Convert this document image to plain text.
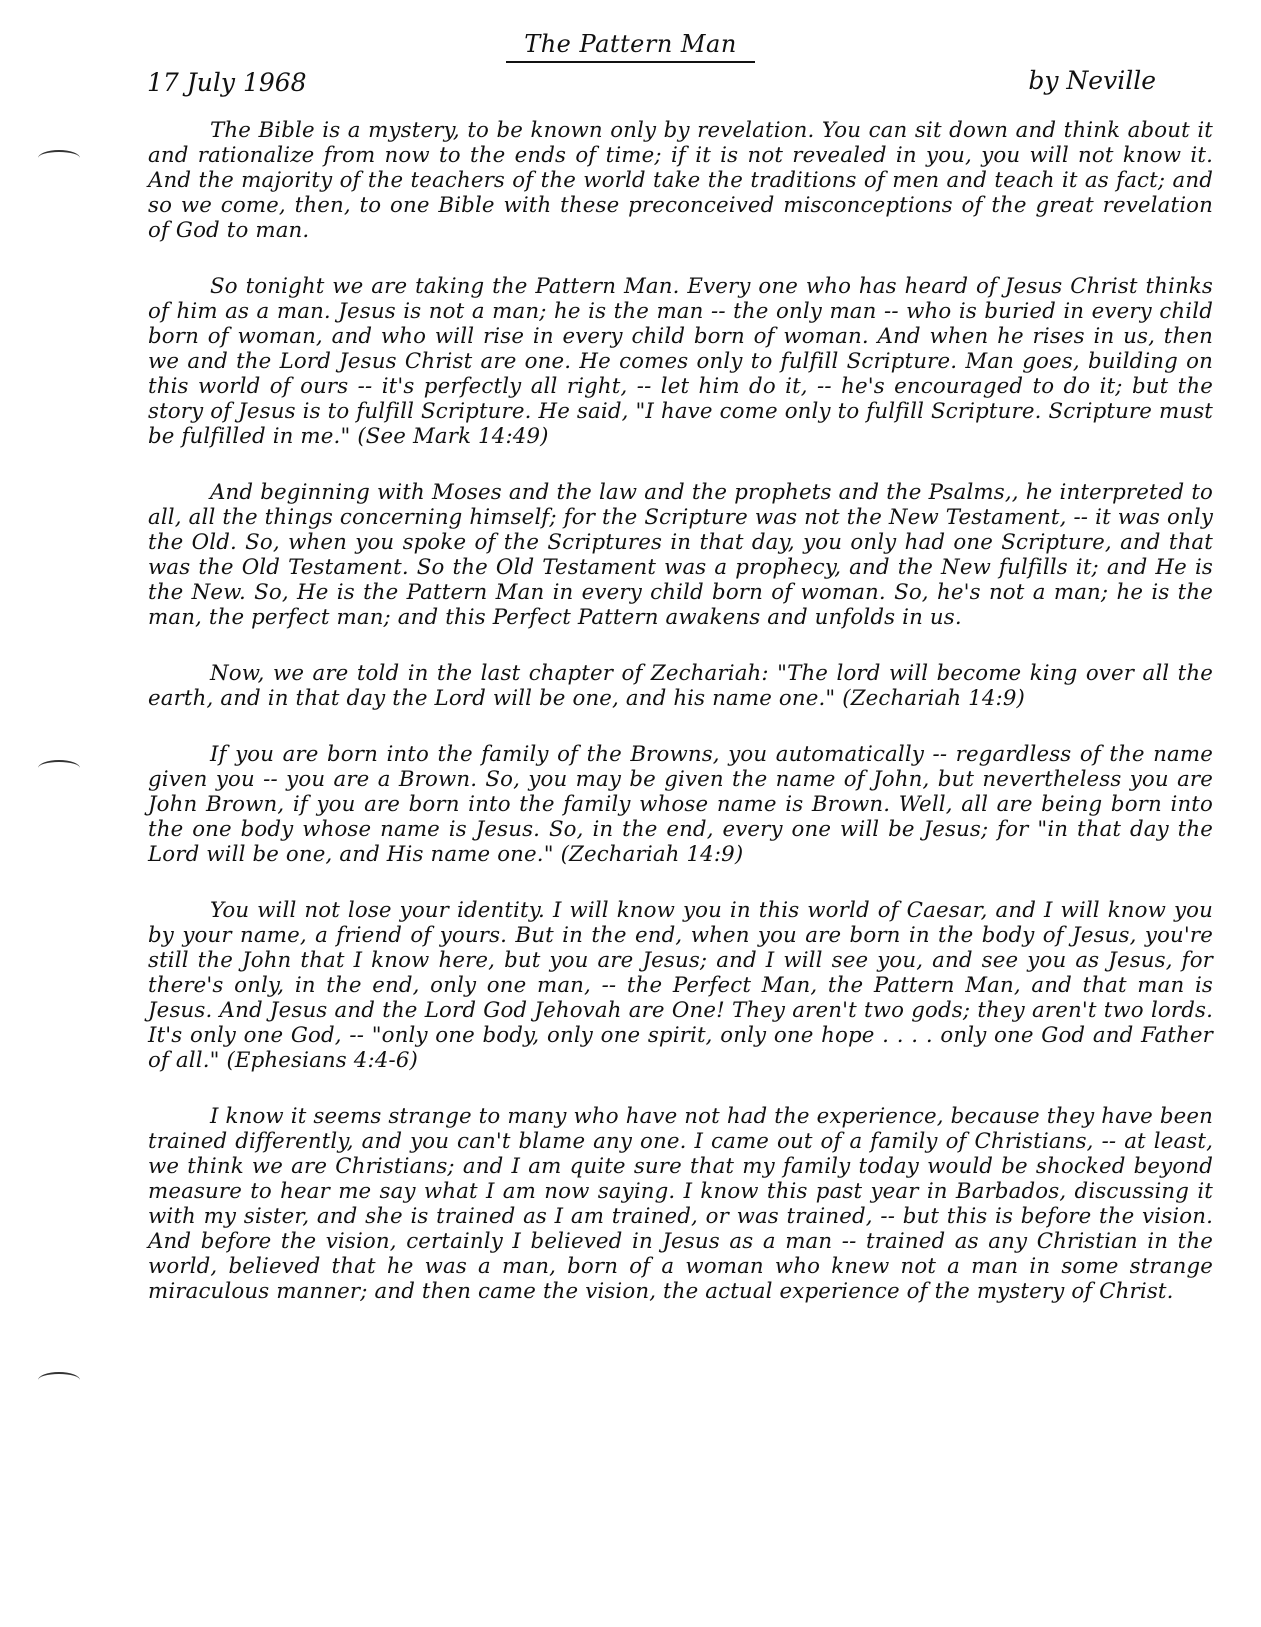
The Pattern Man
17 July 1968	by Neville

The Bible is a mystery, to be known only by revelation. You can sit down and think about it and rationalize from now to the ends of time; if it is not revealed in you, you will not know it. And the majority of the teachers of the world take the traditions of men and teach it as fact; and so we come, then, to one Bible with these preconceived misconceptions of the great revelation of God to man.

So tonight we are taking the Pattern Man. Every one who has heard of Jesus Christ thinks of him as a man. Jesus is not a man; he is the man -- the only man -- who is buried in every child born of woman, and who will rise in every child born of woman. And when he rises in us, then we and the Lord Jesus Christ are one. He comes only to fulfill Scripture. Man goes, building on this world of ours -- it's perfectly all right, -- let him do it, -- he's encouraged to do it; but the story of Jesus is to fulfill Scripture. He said, "I have come only to fulfill Scripture. Scripture must be fulfilled in me." (See Mark 14:49)

And beginning with Moses and the law and the prophets and the Psalms,, he interpreted to all, all the things concerning himself; for the Scripture was not the New Testament, -- it was only the Old. So, when you spoke of the Scriptures in that day, you only had one Scripture, and that was the Old Testament. So the Old Testament was a prophecy, and the New fulfills it; and He is the New. So, He is the Pattern Man in every child born of woman. So, he's not a man; he is the man, the perfect man; and this Perfect Pattern awakens and unfolds in us.

Now, we are told in the last chapter of Zechariah: "The lord will become king over all the earth, and in that day the Lord will be one, and his name one." (Zechariah 14:9)

If you are born into the family of the Browns, you automatically -- regardless of the name given you -- you are a Brown. So, you may be given the name of John, but nevertheless you are John Brown, if you are born into the family whose name is Brown. Well, all are being born into the one body whose name is Jesus. So, in the end, every one will be Jesus; for "in that day the Lord will be one, and His name one." (Zechariah 14:9)

You will not lose your identity. I will know you in this world of Caesar, and I will know you by your name, a friend of yours. But in the end, when you are born in the body of Jesus, you're still the John that I know here, but you are Jesus; and I will see you, and see you as Jesus, for there's only, in the end, only one man, -- the Perfect Man, the Pattern Man, and that man is Jesus. And Jesus and the Lord God Jehovah are One! They aren't two gods; they aren't two lords. It's only one God, -- "only one body, only one spirit, only one hope . . . . only one God and Father of all." (Ephesians 4:4-6)

I know it seems strange to many who have not had the experience, because they have been trained differently, and you can't blame any one. I came out of a family of Christians, -- at least, we think we are Christians; and I am quite sure that my family today would be shocked beyond measure to hear me say what I am now saying. I know this past year in Barbados, discussing it with my sister, and she is trained as I am trained, or was trained, -- but this is before the vision. And before the vision, certainly I believed in Jesus as a man -- trained as any Christian in the world, believed that he was a man, born of a woman who knew not a man in some strange miraculous manner; and then came the vision, the actual experience of the mystery of Christ.
